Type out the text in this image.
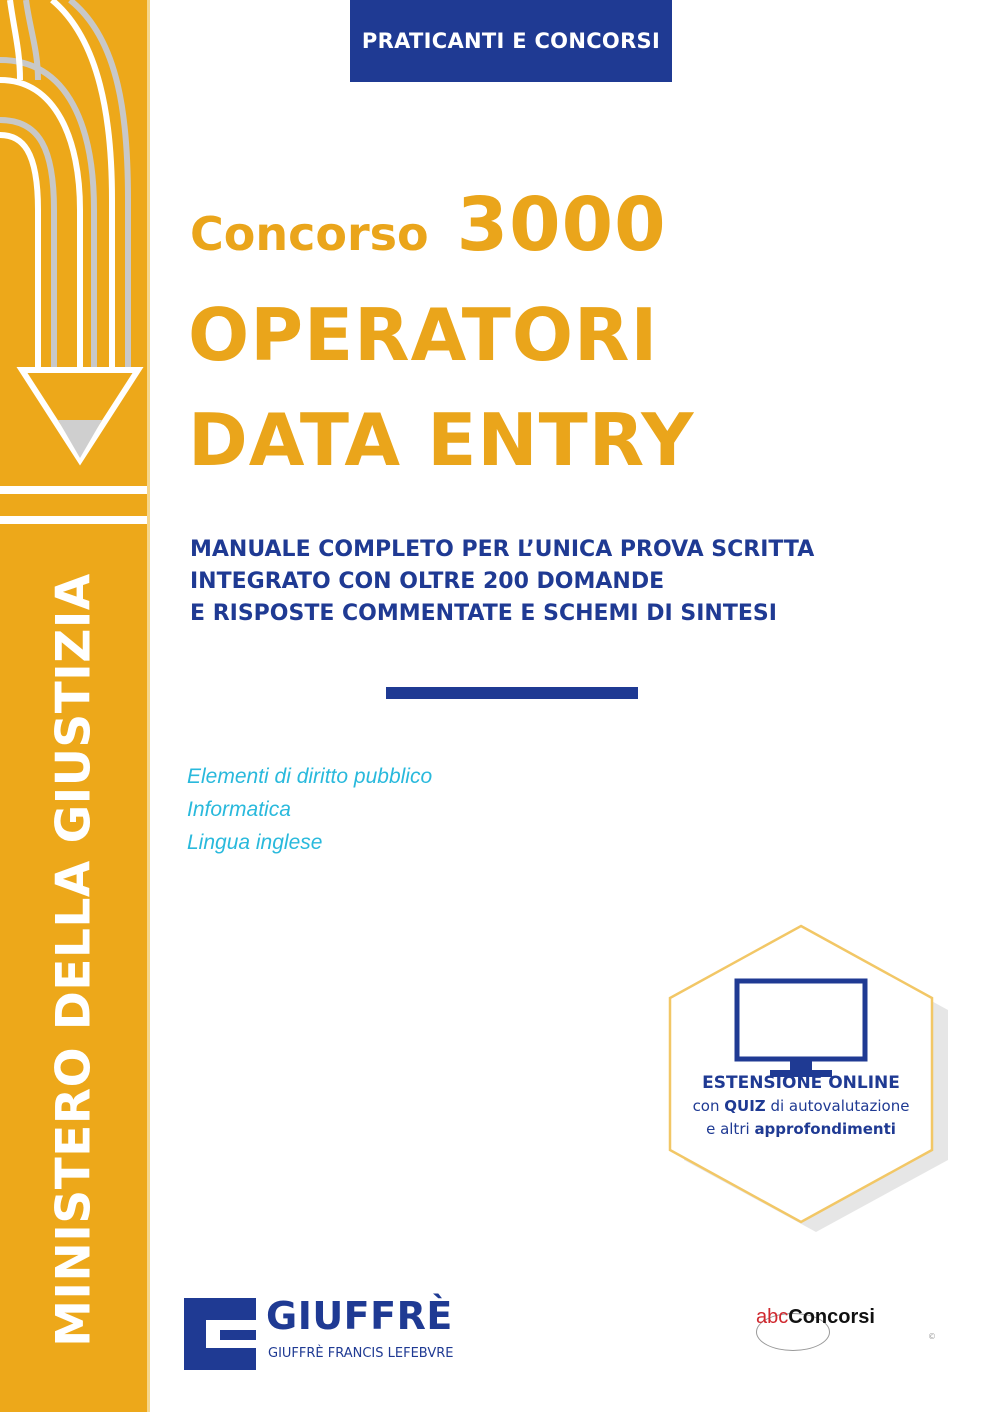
MINISTERO DELLA GIUSTIZIA
PRATICANTI E CONCORSI
Concorso 3000
OPERATORI
DATA ENTRY
MANUALE COMPLETO PER L’UNICA PROVA SCRITTA
INTEGRATO CON OLTRE 200 DOMANDE
E RISPOSTE COMMENTATE E SCHEMI DI SINTESI
Elementi di diritto pubblico
Informatica
Lingua inglese
ESTENSIONE ONLINE
con QUIZ di autovalutazione
e altri approfondimenti
GIUFFRÈ
GIUFFRÈ FRANCIS LEFEBVRE
abcConcorsi
©
